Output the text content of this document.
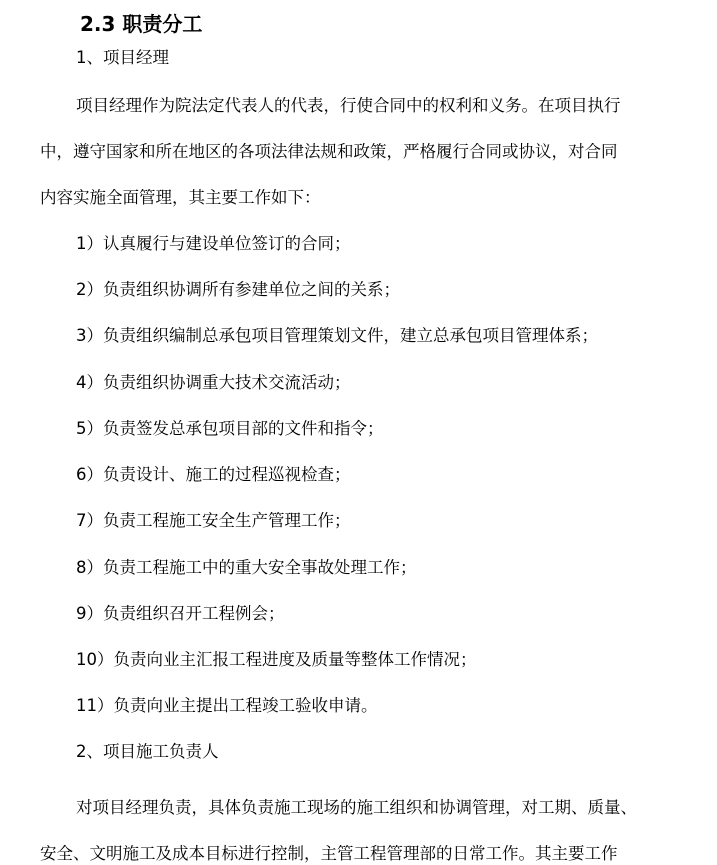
2.3 职责分工
1、项目经理
项目经理作为院法定代表人的代表，行使合同中的权利和义务。在项目执行
中，遵守国家和所在地区的各项法律法规和政策，严格履行合同或协议，对合同
内容实施全面管理，其主要工作如下：
1）认真履行与建设单位签订的合同；
2）负责组织协调所有参建单位之间的关系；
3）负责组织编制总承包项目管理策划文件，建立总承包项目管理体系；
4）负责组织协调重大技术交流活动；
5）负责签发总承包项目部的文件和指令；
6）负责设计、施工的过程巡视检查；
7）负责工程施工安全生产管理工作；
8）负责工程施工中的重大安全事故处理工作；
9）负责组织召开工程例会；
10）负责向业主汇报工程进度及质量等整体工作情况；
11）负责向业主提出工程竣工验收申请。
2、项目施工负责人
对项目经理负责，具体负责施工现场的施工组织和协调管理，对工期、质量、
安全、文明施工及成本目标进行控制，主管工程管理部的日常工作。其主要工作
